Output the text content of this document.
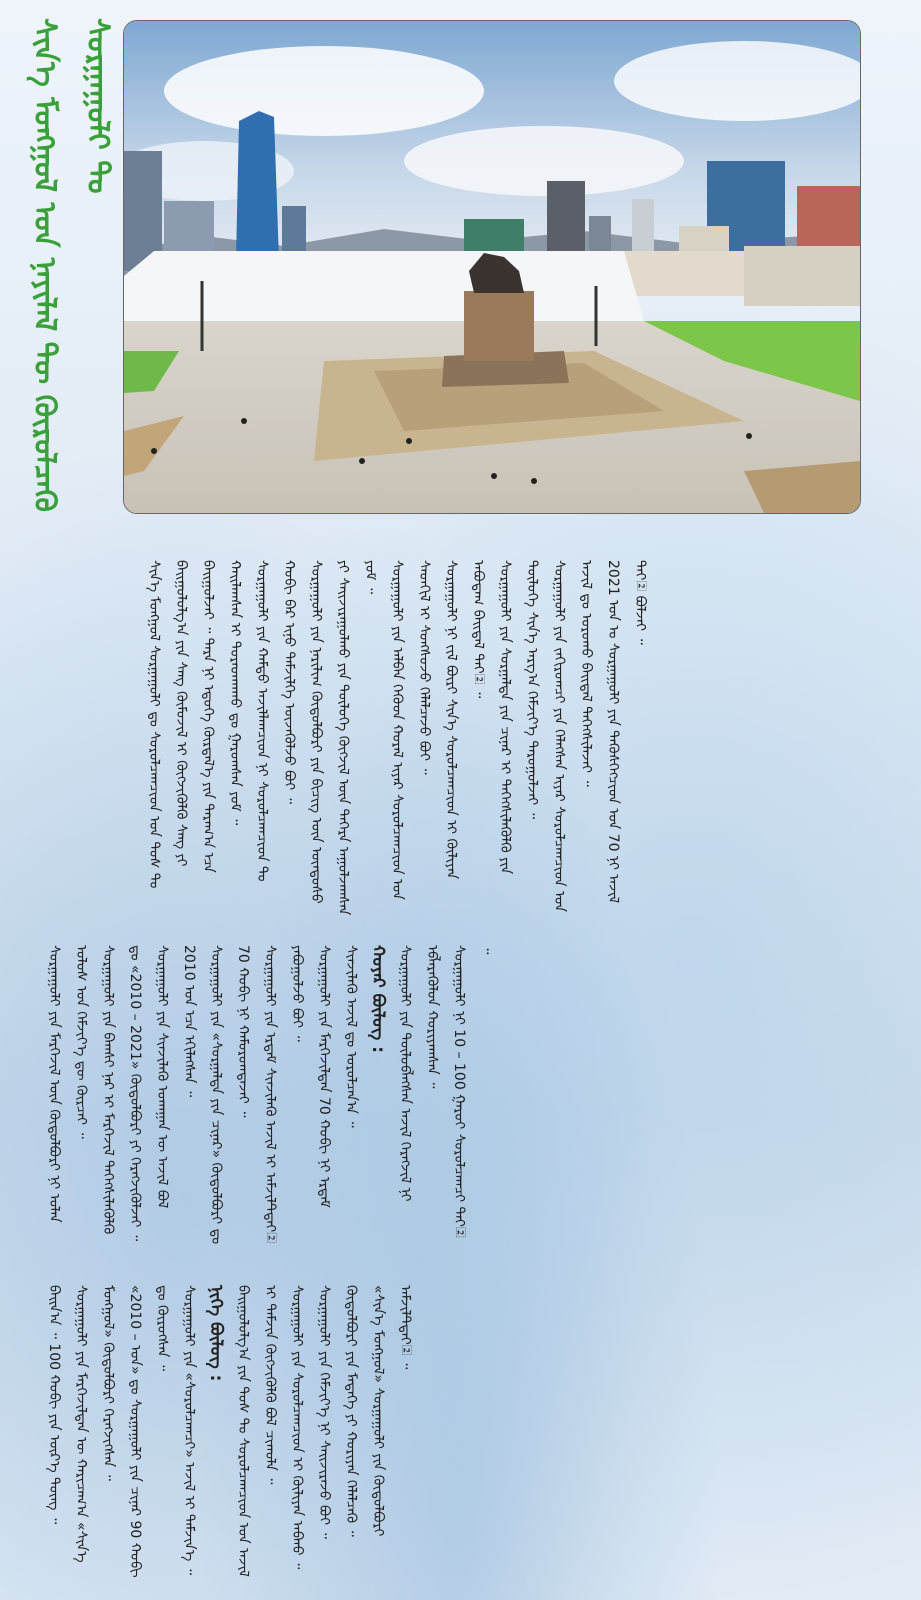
ᠰᠢᠨ᠎ᠡ ᠮᠣᠩᠭᠣᠯ ᠤᠨ ᠨᠡᠶᠢᠯᠡᠯ ᠲᠦ ᠬᠦᠷᠦᠯᠴᠡᠬᠦ ᠰᠤᠷᠭᠠᠭᠤᠯᠢ ᠲᠤ

ᠰᠢᠨ᠎ᠡ ᠮᠣᠩᠭᠣᠯ ᠰᠤᠷᠭᠠᠭᠤᠯᠢ ᠳᠤ ᠰᠤᠷᠤᠯᠴᠠᠭᠴᠢᠳ ᠤᠨ ᠲᠤᠰ ᠲᠤ ᠪᠠᠢ᠌ᠭᠤᠯᠤᠯᠭ᠎ᠠ ᠶᠢᠨ ᠰᠠᠩ ᠬᠥᠮᠦᠵᠢᠯ ᠢ ᠬᠥᠭᠵᠢᠭᠦᠯᠬᠦ ᠰᠠᠩ ᠶᠢ ᠪᠠᠢ᠌ᠭᠤᠯᠵᠠᠢ ᠃ ᠲᠡᠷᠡ ᠨᠢ ᠡᠳᠦᠭᠡ ᠬᠦᠷᠲᠡᠯ᠎ᠡ ᠶᠢᠨ ᠳᠠᠷᠠᠭ᠎ᠠ ᠡᠴᠡ ᠬᠠᠢ᠌ᠯᠠᠭᠰᠠᠨ ᠢ ᠳᠤᠷᠠᠳᠬᠠᠬᠤ ᠳᠤ ᠭᠠᠷᠤᠭᠰᠠᠨ ᠶᠤᠮ ᠃ ᠰᠤᠷᠭᠠᠭᠤᠯᠢ ᠶᠢᠨ ᠬᠠᠮᠲᠤ ᠠᠵᠢᠯᠯᠠᠭᠴᠢᠳ ᠨᠢ ᠰᠤᠷᠤᠯᠴᠠᠭᠴᠢᠳ ᠲᠤ ᠬᠤᠪᠢ ᠪᠡᠷ ᠢᠨᠦ ᠳᠡᠮᠵᠢᠯᠭᠡ ᠦᠵᠡᠭᠦᠯᠵᠦ ᠪᠤᠢ ᠃ ᠰᠤᠷᠭᠠᠭᠤᠯᠢ ᠶᠢᠨ ᠨᠠᠷᠢᠯᠢᠭ ᠬᠥᠲᠥᠯᠪᠦᠷᠢ ᠶᠢᠨ ᠪᠢᠴᠢᠭ ᠦᠨ ᠦᠨᠳᠦᠰᠦ ᠶᠢ ᠰᠠᠢ᠌ᠵᠢᠷᠠᠭᠤᠯᠬᠤ ᠶᠢᠨ ᠲᠥᠯᠦᠭᠡ ᠬᠥᠭᠵᠢᠯ ᠦᠨ ᠳᠡᠭᠡᠷᠡ ᠠᠭᠤᠯᠵᠠᠭᠰᠠᠨ ᠶᠤᠮ ᠃ ᠰᠤᠷᠭᠠᠭᠤᠯᠢ ᠶᠢᠨ ᠠᠯᠪᠠᠨ ᠬᠡᠭᠦᠳ ᠬᠤᠷᠠᠯ ᠢᠶᠠᠷ ᠰᠤᠷᠤᠯᠴᠠᠭᠴᠢᠳ ᠤᠨ ᠰᠡᠳᠭᠢᠯ ᠢ ᠰᠣᠩᠰᠣᠵᠤ ᠬᠡᠯᠡᠯᠴᠡᠵᠦ ᠪᠤᠢ ᠃ ᠰᠤᠷᠭᠠᠭᠤᠯᠢ ᠨᠢ ᠵᠢᠯ ᠪᠦᠷᠢ ᠰᠢᠨ᠎ᠡ ᠰᠤᠷᠤᠯᠴᠠᠭᠴᠢᠳ ᠢ ᠬᠦᠯᠢᠶᠡᠨ ᠠᠪᠤᠳᠠᠭ ᠪᠠᠢ᠌ᠳᠠᠯ ᠲᠠᠢ᠌ ᠃ ᠰᠤᠷᠭᠠᠭᠤᠯᠢ ᠶᠢᠨ ᠰᠤᠷᠭᠠᠯᠲᠠ ᠶᠢᠨ ᠴᠢᠨᠠᠷ ᠢ ᠳᠡᠭᠡᠭᠰᠢᠯᠡᠭᠦᠯᠬᠦ ᠶᠢᠨ ᠲᠥᠯᠦᠭᠡ ᠰᠢᠨ᠎ᠡ ᠠᠷᠭ᠎ᠠ ᠬᠡᠮᠵᠢᠶ᠎ᠡ ᠳᠠᠷᠤᠭᠤᠯᠵᠠᠢ ᠃ ᠰᠤᠷᠭᠠᠭᠤᠯᠢ ᠶᠢᠨ ᠵᠠᠬᠢᠷᠤᠭᠴᠢ ᠶᠢᠨ ᠬᠡᠯᠡᠭᠰᠡᠨ ᠢᠶᠡᠷ ᠰᠤᠷᠤᠯᠴᠠᠭᠴᠢᠳ ᠤᠨ ᠠᠵᠢᠯ ᠳᠤ ᠣᠷᠣᠬᠤ ᠪᠠᠢ᠌ᠳᠠᠯ ᠳᠡᠭᠡᠭᠰᠢᠯᠡᠵᠡᠢ ᠃ 2021 ᠣᠨ ᠤ ᠰᠤᠷᠭᠠᠭᠤᠯᠢ ᠶᠢᠨ ᠲᠡᠭᠦᠰᠭᠡᠭᠴᠢᠳ ᠤᠨ 70 ᠨᠢ ᠠᠵᠢᠯ ᠲᠠᠢ᠌ ᠪᠤᠯᠵᠠᠢ ᠃

ᠰᠤᠷᠭᠠᠭᠤᠯᠢ ᠶᠢᠨ ᠮᠡᠷᠭᠡᠵᠢᠯ ᠦᠨ ᠬᠥᠲᠥᠯᠪᠦᠷᠢ ᠨᠢ ᠣᠯᠠᠨ ᠤᠯᠤᠰ ᠤᠨ ᠬᠡᠮᠵᠢᠶ᠎ᠡ ᠳᠦ ᠬᠦᠷᠴᠡᠢ ᠃ ᠰᠤᠷᠭᠠᠭᠤᠯᠢ ᠶᠢᠨ ᠪᠠᠭᠰᠢ ᠨᠠᠷ ᠢ ᠮᠡᠷᠭᠡᠵᠢᠯ ᠳᠡᠭᠡᠭᠰᠢᠯᠡᠭᠦᠯᠬᠦ ᠳᠤ «2010 – 2021» ᠬᠥᠲᠥᠯᠪᠦᠷᠢ ᠶᠢ ᠬᠡᠷᠡᠭᠵᠢᠭᠦᠯᠵᠡᠢ ᠃ ᠰᠤᠷᠭᠠᠭᠤᠯᠢ ᠶᠢᠨ ᠰᠢᠨᠵᠢᠯᠡᠬᠦ ᠤᠬᠠᠭᠠᠨ ᠦ ᠠᠵᠢᠯ ᠪᠣᠯ 2010 ᠣᠨ ᠡᠴᠡ ᠡᠬᠢᠯᠡᠭᠰᠡᠨ ᠃ ᠰᠤᠷᠭᠠᠭᠤᠯᠢ ᠶᠢᠨ «ᠰᠤᠷᠭᠠᠯᠲᠠ ᠶᠢᠨ ᠴᠢᠨᠠᠷ» ᠬᠥᠲᠥᠯᠪᠦᠷᠢ ᠳᠤ 70 ᠬᠤᠪᠢ ᠨᠢ ᠬᠠᠮᠤᠷᠤᠭᠳᠠᠵᠠᠢ ᠃ ᠰᠤᠷᠭᠠᠭᠤᠯᠢ ᠶᠢᠨ ᠡᠷᠳᠡᠮ ᠰᠢᠨᠵᠢᠯᠡᠬᠦ ᠠᠵᠢᠯ ᠢ ᠠᠮᠵᠢᠯᠲᠲᠠᠢ᠌ ᠶᠠᠪᠤᠭᠤᠯᠵᠤ ᠪᠤᠢ ᠃ ᠰᠤᠷᠭᠠᠭᠤᠯᠢ ᠶᠢᠨ ᠮᠡᠷᠭᠡᠵᠢᠯᠲᠡᠨ 70 ᠬᠤᠪᠢ ᠨᠢ ᠡᠷᠳᠡᠮ ᠰᠢᠨᠵᠢᠯᠡᠬᠦ ᠠᠵᠢᠯ ᠳᠤ ᠣᠷᠣᠯᠴᠠᠨ᠎ᠠ ᠃ ᠬᠣᠶᠠᠷ ᠪᠦᠯᠦᠭ : ᠰᠤᠷᠭᠠᠭᠤᠯᠢ ᠶᠢᠨ ᠲᠥᠯᠦᠪᠯᠡᠭᠰᠡᠨ ᠠᠵᠢᠯ ᠬᠡᠷᠡᠭᠵᠢᠯ ᠨᠢ ᠡᠪᠯᠡᠷᠡᠭᠦᠯᠦᠨ ᠬᠤᠷᠢᠶᠠᠭᠰᠠᠨ ᠃ ᠰᠤᠷᠭᠠᠭᠤᠯᠢ ᠨᠢ 10 – 100 ᠭᠠᠷᠤᠢ ᠰᠤᠷᠤᠯᠴᠠᠭᠴᠢ ᠲᠠᠢ᠌ ᠃

ᠪᠠᠢ᠌ᠨ᠎ᠠ ᠃ 100 ᠬᠤᠪᠢ ᠶᠢᠨ ᠦᠷ᠎ᠡ ᠳᠦᠩ ᠃ ᠰᠤᠷᠭᠠᠭᠤᠯᠢ ᠶᠢᠨ ᠮᠡᠷᠭᠡᠵᠢᠯᠲᠡᠨ ᠦ ᠬᠠᠷᠢᠴᠠᠭ᠎ᠠ «ᠰᠢᠨ᠎ᠡ ᠮᠣᠩᠭᠣᠯ» ᠬᠥᠲᠥᠯᠪᠦᠷᠢ ᠬᠡᠷᠡᠭᠵᠢᠭᠰᠡᠨ ᠃ «2010 – ᠣᠨ» ᠳᠤ ᠰᠤᠷᠭᠠᠭᠤᠯᠢ ᠶᠢᠨ ᠴᠢᠨᠠᠷ 90 ᠬᠤᠪᠢ ᠳᠤ ᠬᠦᠷᠦᠭᠰᠡᠨ ᠃ ᠰᠤᠷᠭᠠᠭᠤᠯᠢ ᠶᠢᠨ «ᠰᠤᠷᠤᠯᠴᠠᠭᠴᠢ» ᠠᠵᠢᠯ ᠢ ᠳᠡᠮᠵᠢᠨ᠎ᠡ ᠃ ᠨᠢᠭᠡ ᠪᠦᠯᠦᠭ : ᠪᠠᠢ᠌ᠭᠤᠯᠤᠯᠭ᠎ᠠ ᠶᠢᠨ ᠲᠤᠰ ᠲᠤ ᠰᠤᠷᠤᠯᠴᠠᠭᠴᠢᠳ ᠤᠨ ᠠᠵᠢᠯ ᠢ ᠳᠡᠮᠵᠢᠨ ᠬᠥᠭᠵᠢᠭᠦᠯᠬᠦ ᠪᠣᠯ ᠴᠢᠬᠤᠯᠠ ᠃ ᠰᠤᠷᠭᠠᠭᠤᠯᠢ ᠶᠢᠨ ᠰᠤᠷᠤᠯᠴᠠᠭᠴᠢᠳ ᠢ ᠬᠦᠯᠢᠶᠡᠨ ᠠᠪᠬᠤ ᠃ ᠰᠤᠷᠭᠠᠭᠤᠯᠢ ᠶᠢᠨ ᠬᠡᠮᠵᠢᠶ᠎ᠡ ᠨᠢ ᠰᠠᠢ᠌ᠵᠢᠷᠠᠵᠤ ᠪᠤᠢ ᠃ ᠬᠥᠲᠥᠯᠪᠦᠷᠢ ᠶᠢᠨ ᠮᠡᠳᠡᠭᠡ ᠶᠢ ᠬᠤᠷᠢᠶᠠᠨ ᠬᠡᠯᠡᠯᠴᠡᠬᠦ ᠃ «ᠰᠢᠨ᠎ᠡ ᠮᠣᠩᠭᠣᠯ» ᠰᠤᠷᠭᠠᠭᠤᠯᠢ ᠶᠢᠨ ᠬᠥᠲᠥᠯᠪᠦᠷᠢ ᠠᠮᠵᠢᠯᠲᠲᠠᠢ᠌ ᠃
